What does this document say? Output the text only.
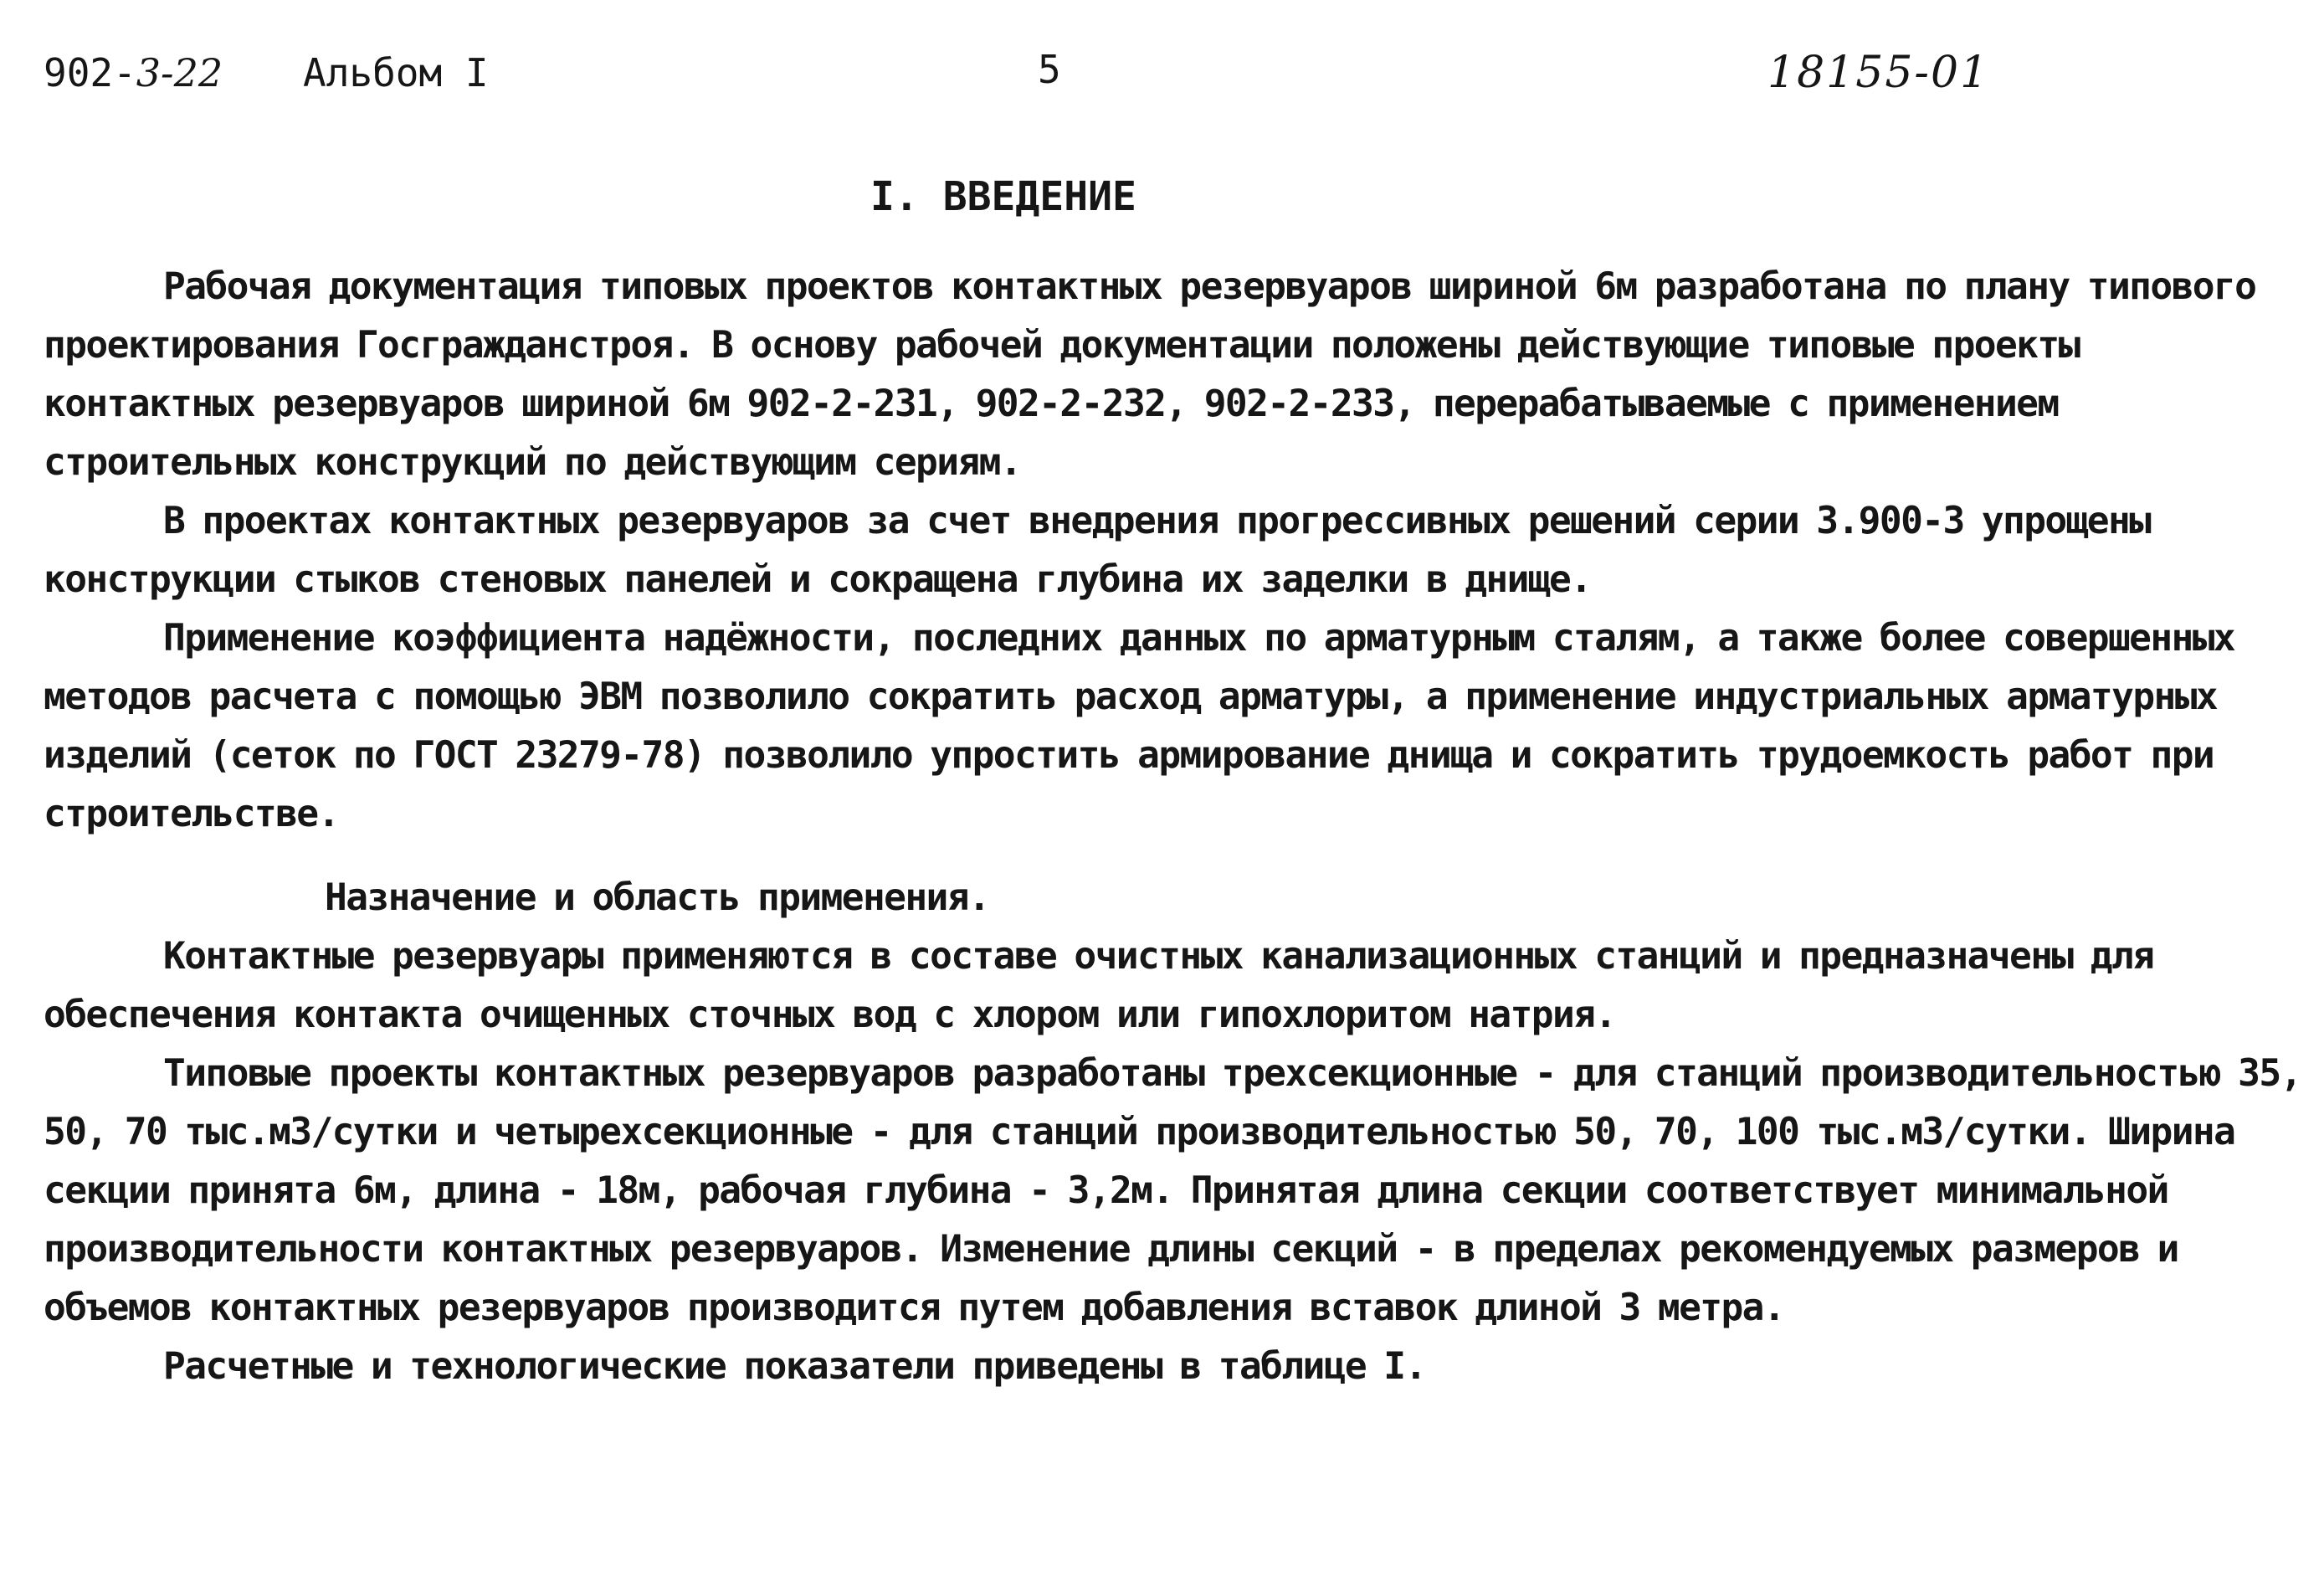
902-3-22 Альбом I	5	18155-01
I. ВВЕДЕНИЕ

Рабочая документация типовых проектов контактных резервуаров шириной 6м разработана по плану типового проектирования Госгражданстроя. В основу рабочей документации положены действующие типовые проекты контактных резервуаров шириной 6м 902-2-231, 902-2-232, 902-2-233, перерабатываемые с применением строительных конструкций по действующим сериям.

В проектах контактных резервуаров за счет внедрения прогрессивных решений серии 3.900-3 упрощены конструкции стыков стеновых панелей и сокращена глубина их заделки в днище.

Применение коэффициента надёжности, последних данных по арматурным сталям, а также более совершенных методов расчета с помощью ЭВМ позволило сократить расход арматуры, а применение индустриальных арматурных изделий (сеток по ГОСТ 23279-78) позволило упростить армирование днища и сократить трудоемкость работ при строительстве.

Назначение и область применения.

Контактные резервуары применяются в составе очистных канализационных станций и предназначены для обеспечения контакта очищенных сточных вод с хлором или гипохлоритом натрия.

Типовые проекты контактных резервуаров разработаны трехсекционные - для станций производительностью 35, 50, 70 тыс.м3/сутки и четырехсекционные - для станций производительностью 50, 70, 100 тыс.м3/сутки. Ширина секции принята 6м, длина - 18м, рабочая глубина - 3,2м. Принятая длина секции соответствует минимальной производительности контактных резервуаров. Изменение длины секций - в пределах рекомендуемых размеров и объемов контактных резервуаров производится путем добавления вставок длиной 3 метра.

Расчетные и технологические показатели приведены в таблице I.
